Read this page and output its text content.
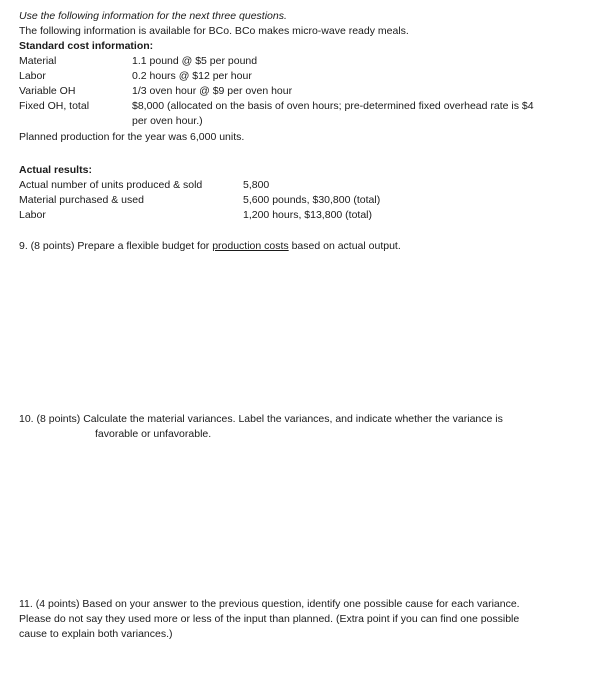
Use the following information for the next three questions.
The following information is available for BCo. BCo makes micro-wave ready meals.
Standard cost information:
Material	1.1 pound @ $5 per pound
Labor	0.2 hours @ $12 per hour
Variable OH	1/3 oven hour @ $9 per oven hour
Fixed OH, total	$8,000 (allocated on the basis of oven hours; pre-determined fixed overhead rate is $4
per oven hour.)
Planned production for the year was 6,000 units.
Actual results:
Actual number of units produced & sold	5,800
Material purchased & used	5,600 pounds, $30,800 (total)
Labor	1,200 hours, $13,800 (total)
9. (8 points) Prepare a flexible budget for production costs based on actual output.
10. (8 points) Calculate the material variances. Label the variances, and indicate whether the variance is
favorable or unfavorable.
11. (4 points) Based on your answer to the previous question, identify one possible cause for each variance.
Please do not say they used more or less of the input than planned. (Extra point if you can find one possible
cause to explain both variances.)
